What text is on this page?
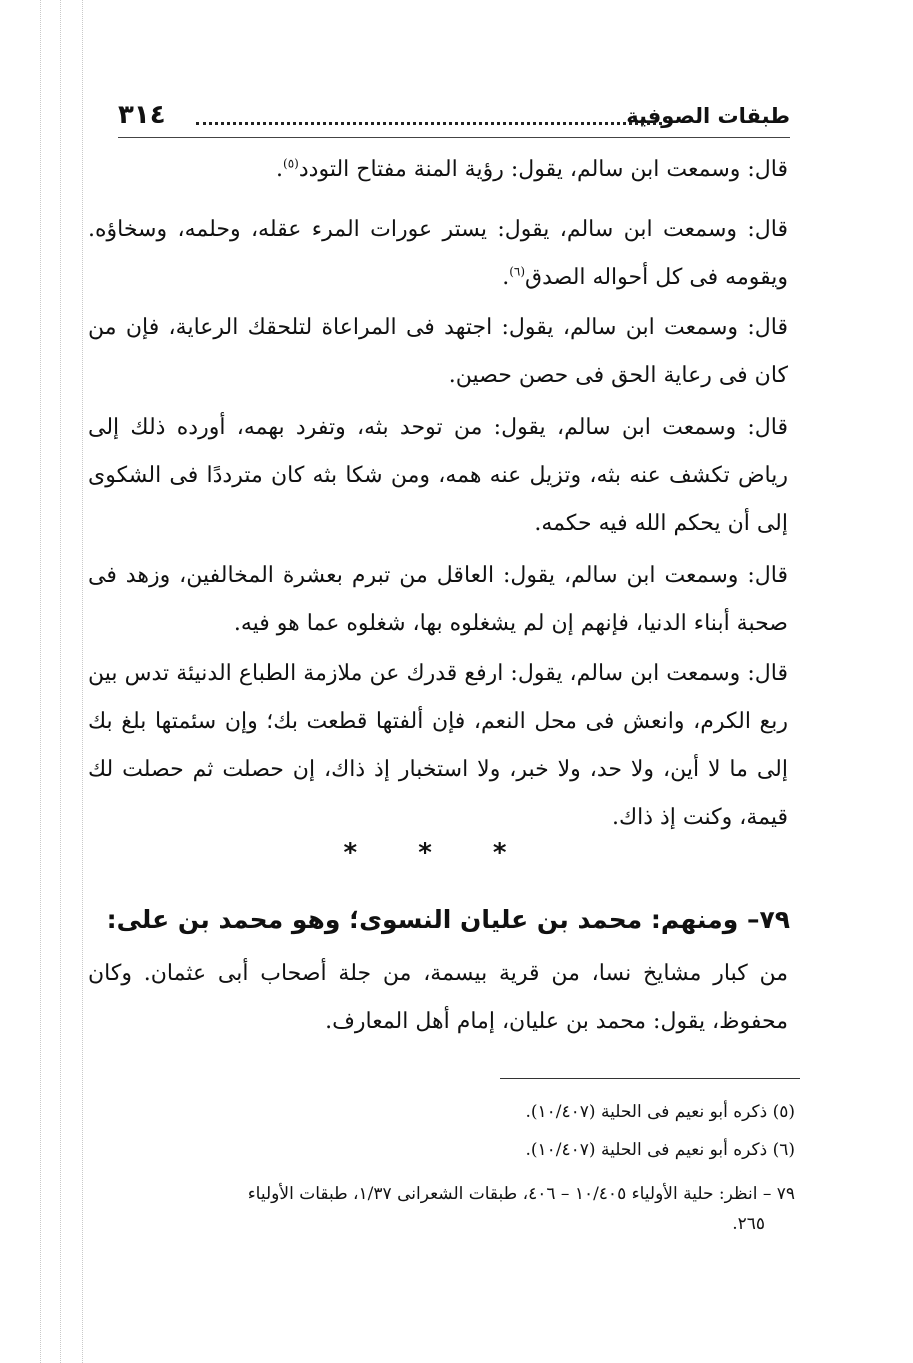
طبقات الصوفية
٣١٤
قال: وسمعت ابن سالم، يقول: رؤية المنة مفتاح التودد$^{(٥)}$.
قال: وسمعت ابن سالم، يقول: يستر عورات المرء عقله، وحلمه، وسخاؤه. ويقومه فى كل أحواله الصدق$^{(٦)}$.
قال: وسمعت ابن سالم، يقول: اجتهد فى المراعاة لتلحقك الرعاية، فإن من كان فى رعاية الحق فى حصن حصين.
قال: وسمعت ابن سالم، يقول: من توحد بثه، وتفرد بهمه، أورده ذلك إلى رياض تكشف عنه بثه، وتزيل عنه همه، ومن شكا بثه كان مترددًا فى الشكوى إلى أن يحكم الله فيه حكمه.
قال: وسمعت ابن سالم، يقول: العاقل من تبرم بعشرة المخالفين، وزهد فى صحبة أبناء الدنيا، فإنهم إن لم يشغلوه بها، شغلوه عما هو فيه.
قال: وسمعت ابن سالم، يقول: ارفع قدرك عن ملازمة الطباع الدنيئة تدس بين ربع الكرم، وانعش فى محل النعم، فإن ألفتها قطعت بك؛ وإن سئمتها بلغ بك إلى ما لا أين، ولا حد، ولا خبر، ولا استخبار إذ ذاك، إن حصلت ثم حصلت لك قيمة، وكنت إذ ذاك.
* * *
٧٩– ومنهم: محمد بن عليان النسوى؛ وهو محمد بن على:
من كبار مشايخ نسا، من قرية بيسمة، من جلة أصحاب أبى عثمان. وكان محفوظ، يقول: محمد بن عليان، إمام أهل المعارف.
(٥) ذكره أبو نعيم فى الحلية (١٠/٤٠٧).
(٦) ذكره أبو نعيم فى الحلية (١٠/٤٠٧).
٧٩ – انظر: حلية الأولياء ١٠/٤٠٥ – ٤٠٦، طبقات الشعرانى ١/٣٧، طبقات الأولياء
٢٦٥.
